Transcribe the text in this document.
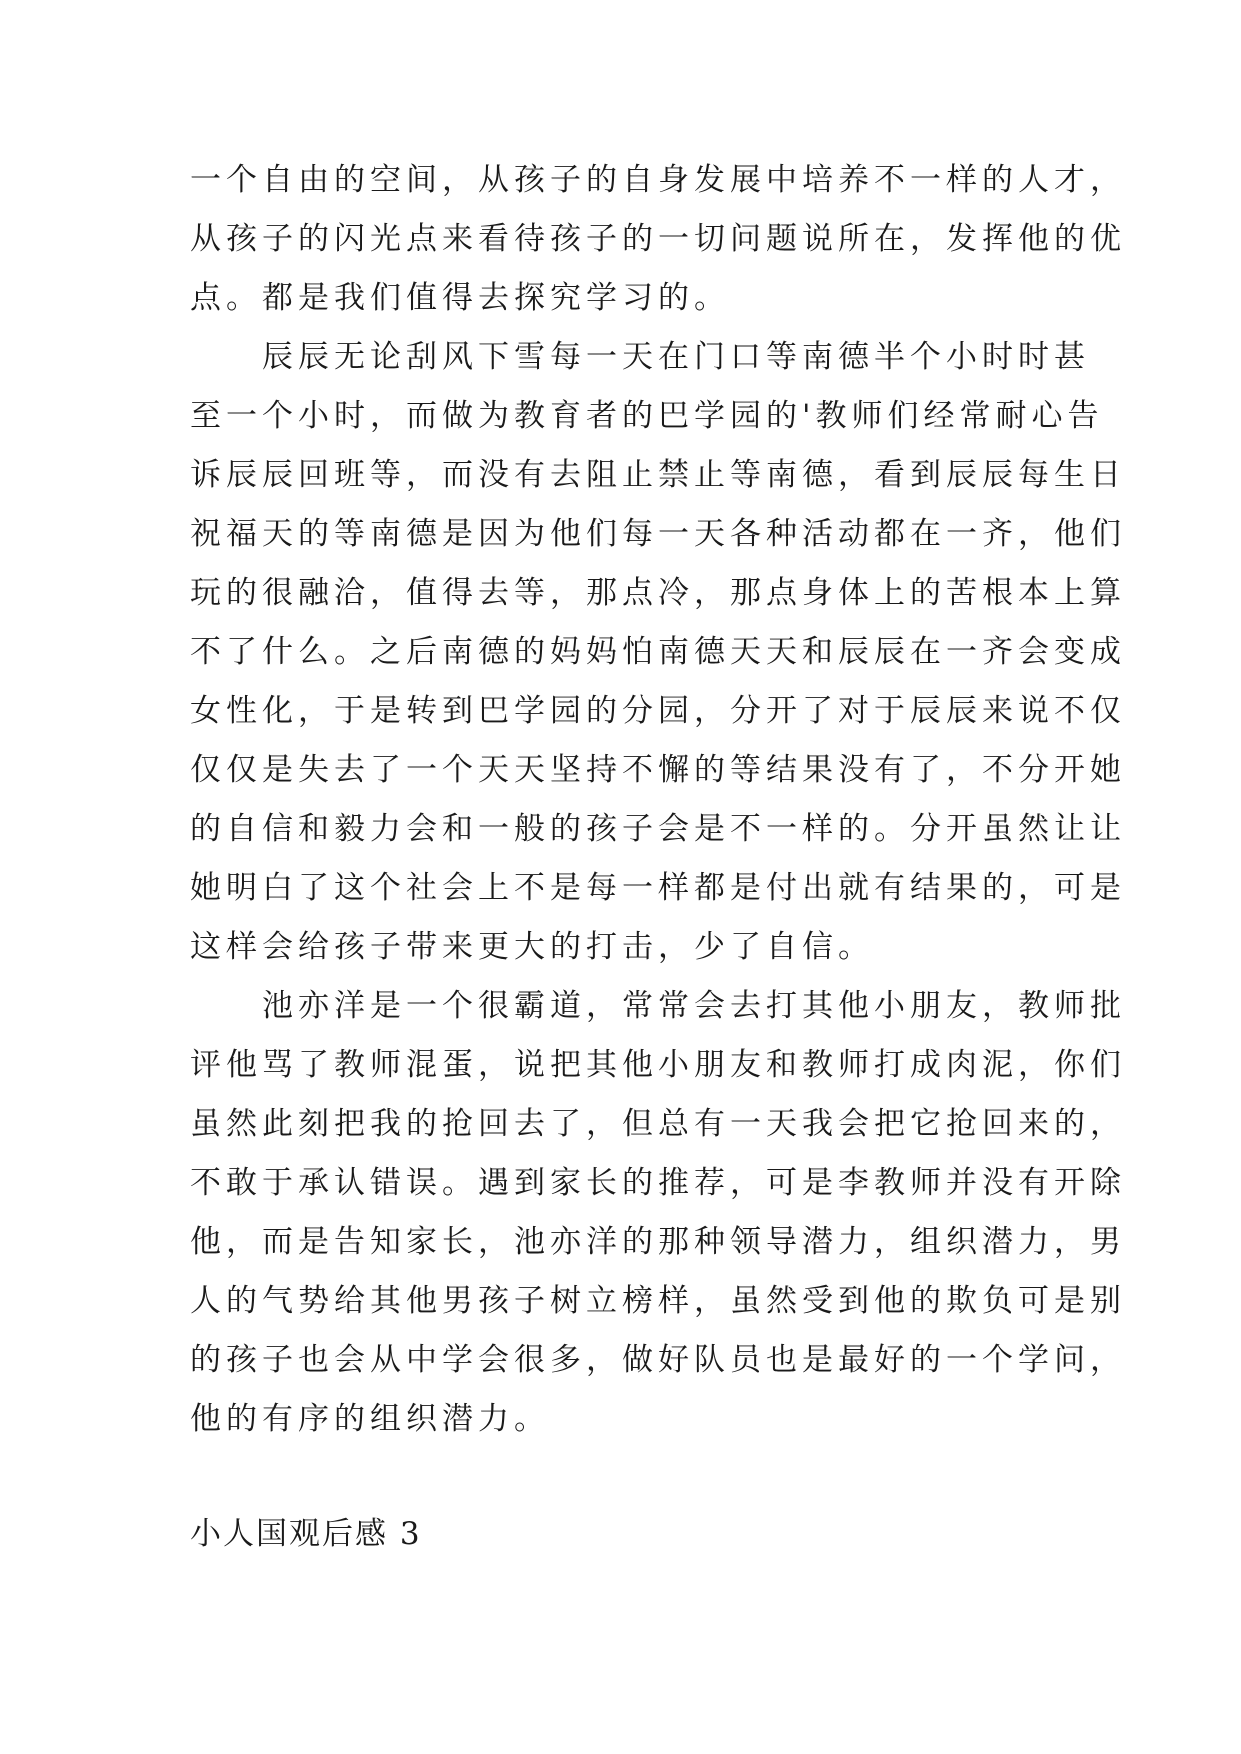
一个自由的空间，从孩子的自身发展中培养不一样的人才，
从孩子的闪光点来看待孩子的一切问题说所在，发挥他的优
点。都是我们值得去探究学习的。
　　辰辰无论刮风下雪每一天在门口等南德半个小时时甚
至一个小时，而做为教育者的巴学园的'教师们经常耐心告
诉辰辰回班等，而没有去阻止禁止等南德，看到辰辰每生日
祝福天的等南德是因为他们每一天各种活动都在一齐，他们
玩的很融洽，值得去等，那点冷，那点身体上的苦根本上算
不了什么。之后南德的妈妈怕南德天天和辰辰在一齐会变成
女性化，于是转到巴学园的分园，分开了对于辰辰来说不仅
仅仅是失去了一个天天坚持不懈的等结果没有了，不分开她
的自信和毅力会和一般的孩子会是不一样的。分开虽然让让
她明白了这个社会上不是每一样都是付出就有结果的，可是
这样会给孩子带来更大的打击，少了自信。
　　池亦洋是一个很霸道，常常会去打其他小朋友，教师批
评他骂了教师混蛋，说把其他小朋友和教师打成肉泥，你们
虽然此刻把我的抢回去了，但总有一天我会把它抢回来的，
不敢于承认错误。遇到家长的推荐，可是李教师并没有开除
他，而是告知家长，池亦洋的那种领导潜力，组织潜力，男
人的气势给其他男孩子树立榜样，虽然受到他的欺负可是别
的孩子也会从中学会很多，做好队员也是最好的一个学问，
他的有序的组织潜力。
小人国观后感 3
